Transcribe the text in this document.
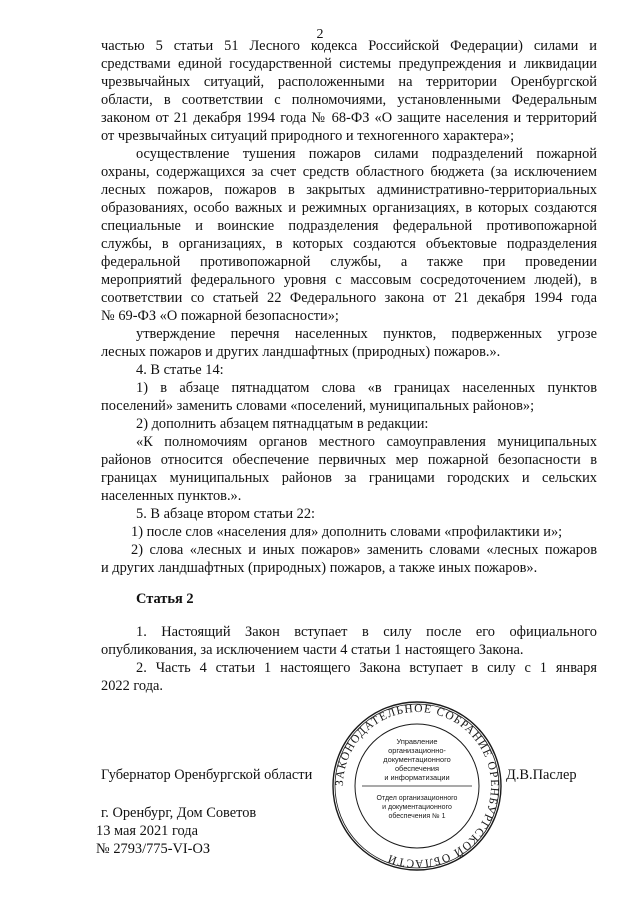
2
частью 5 статьи 51 Лесного кодекса Российской Федерации) силами и
средствами единой государственной системы предупреждения и ликвидации
чрезвычайных ситуаций, расположенными на территории Оренбургской
области, в соответствии с полномочиями, установленными Федеральным
законом от 21 декабря 1994 года № 68-ФЗ «О защите населения и территорий
от чрезвычайных ситуаций природного и техногенного характера»;
осуществление тушения пожаров силами подразделений пожарной
охраны, содержащихся за счет средств областного бюджета (за исключением
лесных пожаров, пожаров в закрытых административно-территориальных
образованиях, особо важных и режимных организациях, в которых создаются
специальные и воинские подразделения федеральной противопожарной
службы, в организациях, в которых создаются объектовые подразделения
федеральной противопожарной службы, а также при проведении
мероприятий федерального уровня с массовым сосредоточением людей), в
соответствии со статьей 22 Федерального закона от 21 декабря 1994 года
№ 69-ФЗ «О пожарной безопасности»;
утверждение перечня населенных пунктов, подверженных угрозе
лесных пожаров и других ландшафтных (природных) пожаров.».
4. В статье 14:
1) в абзаце пятнадцатом слова «в границах населенных пунктов
поселений» заменить словами «поселений, муниципальных районов»;
2) дополнить абзацем пятнадцатым в редакции:
«К полномочиям органов местного самоуправления муниципальных
районов относится обеспечение первичных мер пожарной безопасности в
границах муниципальных районов за границами городских и сельских
населенных пунктов.».
5. В абзаце втором статьи 22:
1) после слов «населения для» дополнить словами «профилактики и»;
2) слова «лесных и иных пожаров» заменить словами «лесных пожаров
и других ландшафтных (природных) пожаров, а также иных пожаров».
Статья 2
1. Настоящий Закон вступает в силу после его официального
опубликования, за исключением части 4 статьи 1 настоящего Закона.
2. Часть 4 статьи 1 настоящего Закона вступает в силу с 1 января
2022 года.
Губернатор Оренбургской области	Д.В.Паслер
г. Оренбург, Дом Советов
13 мая 2021 года
№ 2793/775-VI-ОЗ
ЗАКОНОДАТЕЛЬНОЕ СОБРАНИЕ ОРЕНБУРГСКОЙ ОБЛАСТИ
Управление
организационно-
документационного
обеспечения
и информатизации
Отдел организационного
и документационного
обеспечения № 1
